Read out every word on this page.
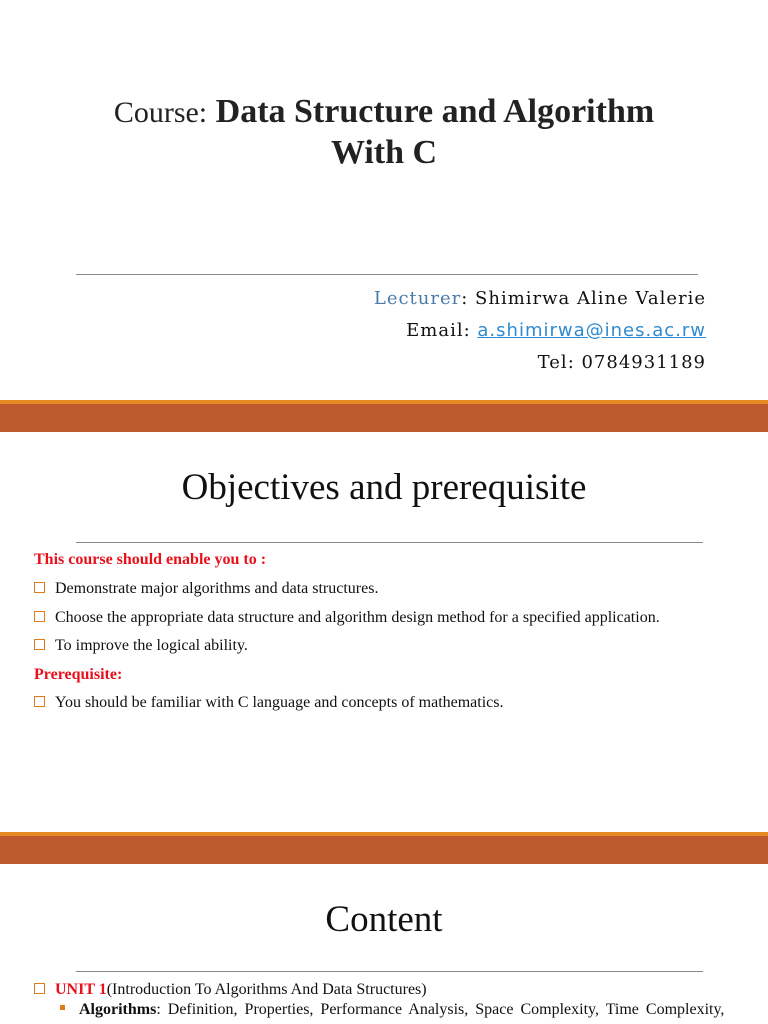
Course: Data Structure and Algorithm
With C
Lecturer: Shimirwa Aline Valerie
Email: a.shimirwa@ines.ac.rw
Tel: 0784931189
Objectives and prerequisite
This course should enable you to :
Demonstrate major algorithms and data structures.
Choose the appropriate data structure and algorithm design method for a specified application.
To improve the logical ability.
Prerequisite:
You should be familiar with C language and concepts of mathematics.
Content
UNIT 1 (Introduction To Algorithms And Data Structures)
Algorithms: Definition, Properties, Performance Analysis, Space Complexity, Time Complexity,
